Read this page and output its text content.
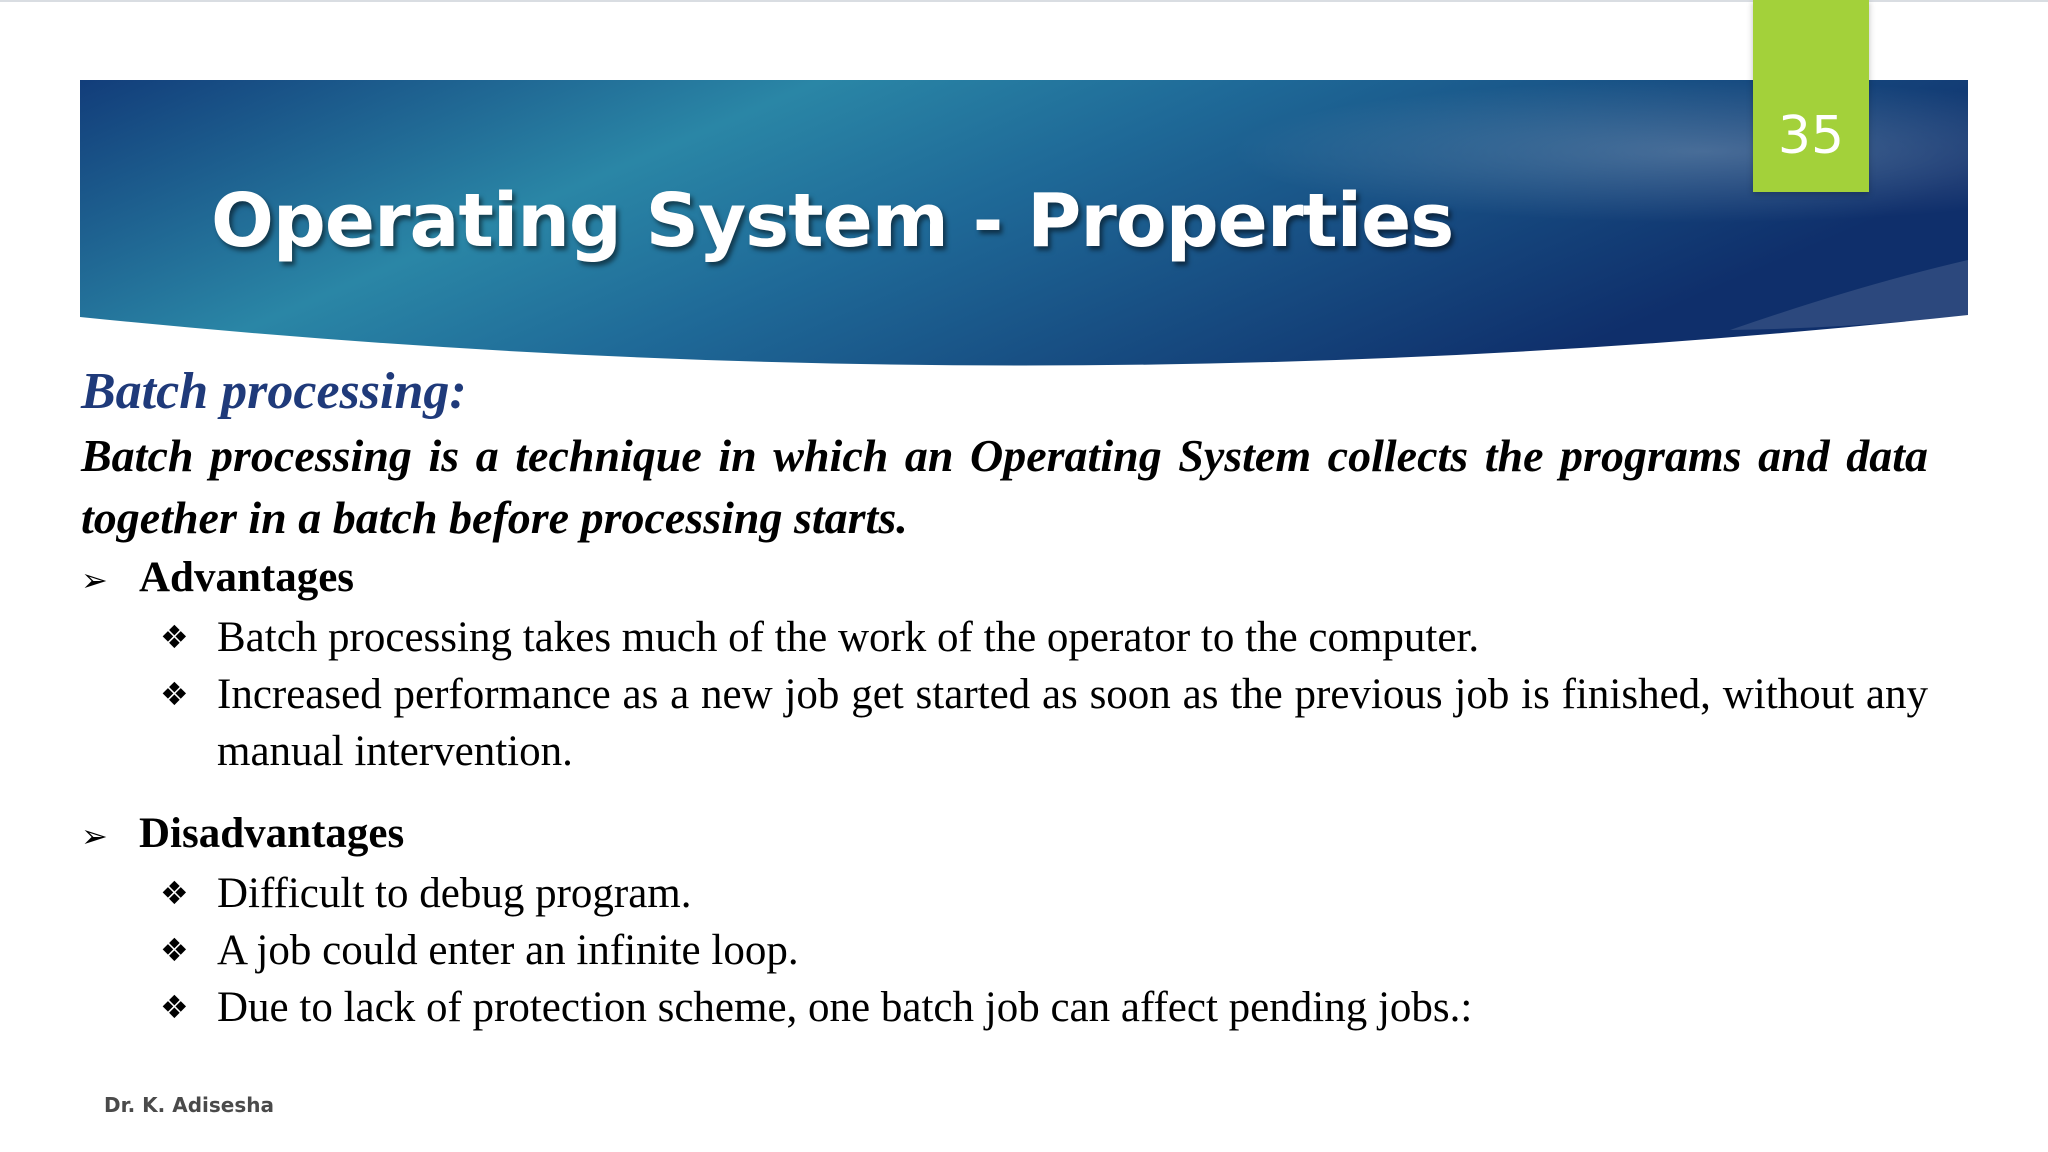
Operating System - Properties
35
Batch processing:
Batch processing is a technique in which an Operating System collects the programs and data together in a batch before processing starts.
➢ Advantages
❖ Batch processing takes much of the work of the operator to the computer.
❖ Increased performance as a new job get started as soon as the previous job is finished, without any manual intervention.
➢ Disadvantages
❖ Difficult to debug program.
❖ A job could enter an infinite loop.
❖ Due to lack of protection scheme, one batch job can affect pending jobs.:
Dr. K. Adisesha
